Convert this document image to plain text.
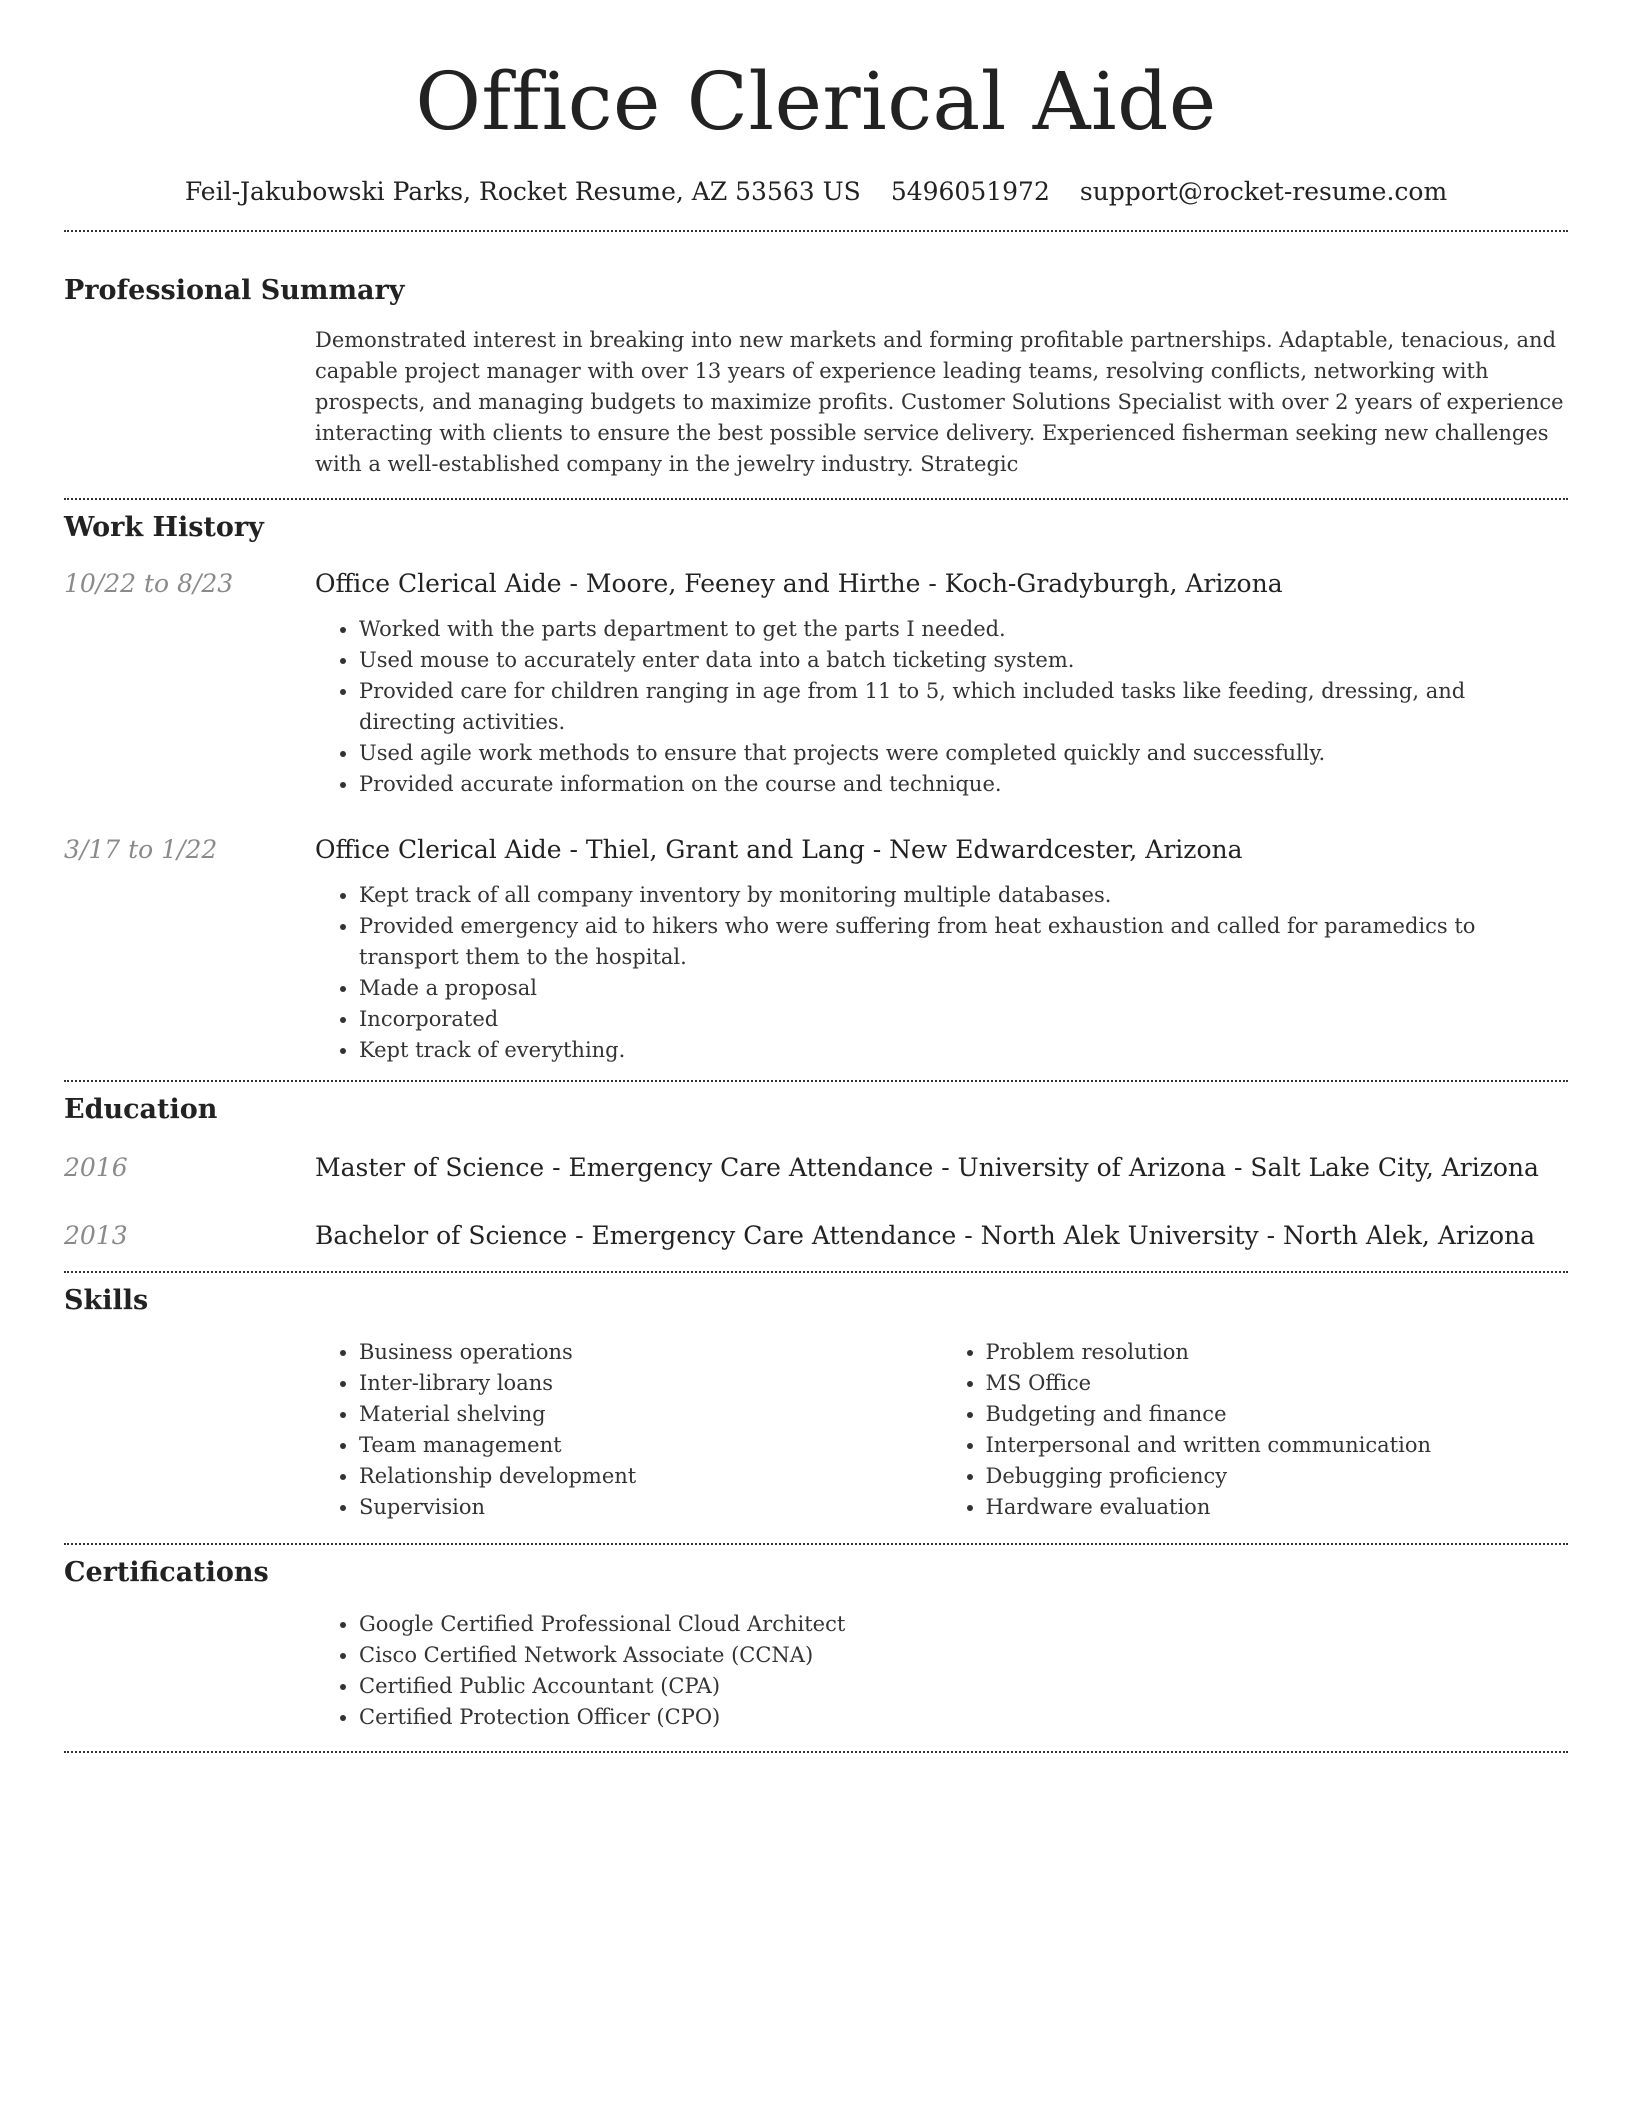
Office Clerical Aide
Feil-Jakubowski Parks, Rocket Resume, AZ 53563 US 5496051972 support@rocket-resume.com
Professional Summary
Demonstrated interest in breaking into new markets and forming profitable partnerships. Adaptable, tenacious, and capable project manager with over 13 years of experience leading teams, resolving conflicts, networking with prospects, and managing budgets to maximize profits. Customer Solutions Specialist with over 2 years of experience interacting with clients to ensure the best possible service delivery. Experienced fisherman seeking new challenges with a well-established company in the jewelry industry. Strategic
Work History
10/22 to 8/23	Office Clerical Aide - Moore, Feeney and Hirthe - Koch-Gradyburgh, Arizona
• Worked with the parts department to get the parts I needed.
• Used mouse to accurately enter data into a batch ticketing system.
• Provided care for children ranging in age from 11 to 5, which included tasks like feeding, dressing, and directing activities.
• Used agile work methods to ensure that projects were completed quickly and successfully.
• Provided accurate information on the course and technique.
3/17 to 1/22	Office Clerical Aide - Thiel, Grant and Lang - New Edwardcester, Arizona
• Kept track of all company inventory by monitoring multiple databases.
• Provided emergency aid to hikers who were suffering from heat exhaustion and called for paramedics to transport them to the hospital.
• Made a proposal
• Incorporated
• Kept track of everything.
Education
2016	Master of Science - Emergency Care Attendance - University of Arizona - Salt Lake City, Arizona
2013	Bachelor of Science - Emergency Care Attendance - North Alek University - North Alek, Arizona
Skills
• Business operations
• Inter-library loans
• Material shelving
• Team management
• Relationship development
• Supervision
• Problem resolution
• MS Office
• Budgeting and finance
• Interpersonal and written communication
• Debugging proficiency
• Hardware evaluation
Certifications
• Google Certified Professional Cloud Architect
• Cisco Certified Network Associate (CCNA)
• Certified Public Accountant (CPA)
• Certified Protection Officer (CPO)
